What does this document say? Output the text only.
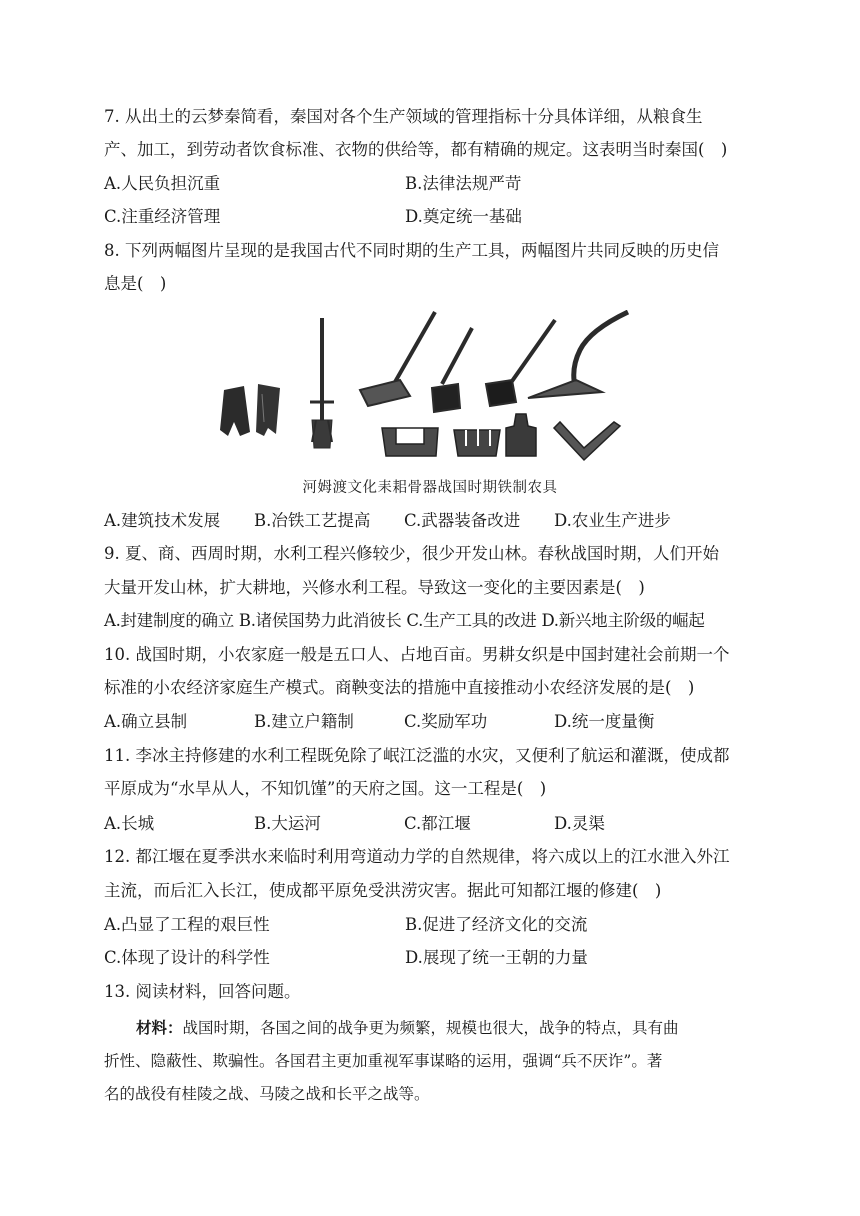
7. 从出土的云梦秦简看，秦国对各个生产领域的管理指标十分具体详细，从粮食生
产、加工，到劳动者饮食标准、衣物的供给等，都有精确的规定。这表明当时秦国(　)
A.人民负担沉重	B.法律法规严苛
C.注重经济管理	D.奠定统一基础
8. 下列两幅图片呈现的是我国古代不同时期的生产工具，两幅图片共同反映的历史信
息是(　)
河姆渡文化耒耜骨器战国时期铁制农具
A.建筑技术发展 B.冶铁工艺提高 C.武器装备改进 D.农业生产进步
9. 夏、商、西周时期，水利工程兴修较少，很少开发山林。春秋战国时期，人们开始
大量开发山林，扩大耕地，兴修水利工程。导致这一变化的主要因素是(　)
A.封建制度的确立 B.诸侯国势力此消彼长 C.生产工具的改进 D.新兴地主阶级的崛起
10. 战国时期，小农家庭一般是五口人、占地百亩。男耕女织是中国封建社会前期一个
标准的小农经济家庭生产模式。商鞅变法的措施中直接推动小农经济发展的是(　)
A.确立县制	B.建立户籍制	C.奖励军功	D.统一度量衡
11. 李冰主持修建的水利工程既免除了岷江泛滥的水灾，又便利了航运和灌溉，使成都
平原成为“水旱从人，不知饥馑”的天府之国。这一工程是(　)
A.长城	B.大运河	C.都江堰	D.灵渠
12. 都江堰在夏季洪水来临时利用弯道动力学的自然规律，将六成以上的江水泄入外江
主流，而后汇入长江，使成都平原免受洪涝灾害。据此可知都江堰的修建(　)
A.凸显了工程的艰巨性	B.促进了经济文化的交流
C.体现了设计的科学性	D.展现了统一王朝的力量
13. 阅读材料，回答问题。
材料：战国时期，各国之间的战争更为频繁，规模也很大，战争的特点，具有曲
折性、隐蔽性、欺骗性。各国君主更加重视军事谋略的运用，强调“兵不厌诈”。著
名的战役有桂陵之战、马陵之战和长平之战等。
